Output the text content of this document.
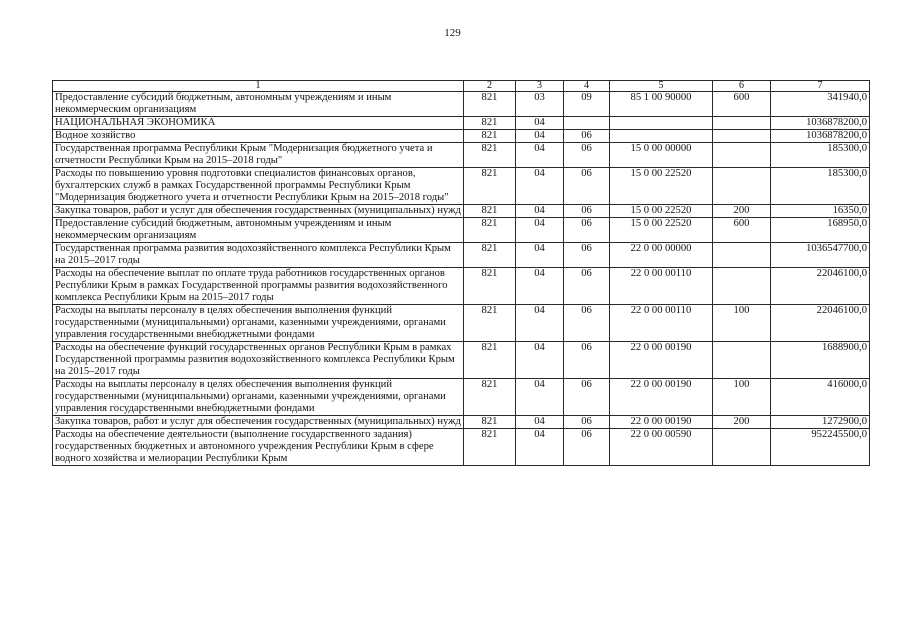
129
1	2	3	4	5	6	7
Предоставление субсидий бюджетным, автономным учреждениям и иным некоммерческим организациям	821	03	09	85 1 00 90000	600	341940,0
НАЦИОНАЛЬНАЯ ЭКОНОМИКА	821	04				1036878200,0
Водное хозяйство	821	04	06			1036878200,0
Государственная программа Республики Крым "Модернизация бюджетного учета и отчетности Республики Крым на 2015–2018 годы"	821	04	06	15 0 00 00000		185300,0
Расходы по повышению уровня подготовки специалистов финансовых органов, бухгалтерских служб в рамках Государственной программы Республики Крым "Модернизация бюджетного учета и отчетности Республики Крым на 2015–2018 годы"	821	04	06	15 0 00 22520		185300,0
Закупка товаров, работ и услуг для обеспечения государственных (муниципальных) нужд	821	04	06	15 0 00 22520	200	16350,0
Предоставление субсидий бюджетным, автономным учреждениям и иным некоммерческим организациям	821	04	06	15 0 00 22520	600	168950,0
Государственная программа развития водохозяйственного комплекса Республики Крым на 2015–2017 годы	821	04	06	22 0 00 00000		1036547700,0
Расходы на обеспечение выплат по оплате труда работников государственных органов Республики Крым в рамках Государственной программы развития водохозяйственного комплекса Республики Крым на 2015–2017 годы	821	04	06	22 0 00 00110		22046100,0
Расходы на выплаты персоналу в целях обеспечения выполнения функций государственными (муниципальными) органами, казенными учреждениями, органами управления государственными внебюджетными фондами	821	04	06	22 0 00 00110	100	22046100,0
Расходы на обеспечение функций государственных органов Республики Крым в рамках Государственной программы развития водохозяйственного комплекса Республики Крым на 2015–2017 годы	821	04	06	22 0 00 00190		1688900,0
Расходы на выплаты персоналу в целях обеспечения выполнения функций государственными (муниципальными) органами, казенными учреждениями, органами управления государственными внебюджетными фондами	821	04	06	22 0 00 00190	100	416000,0
Закупка товаров, работ и услуг для обеспечения государственных (муниципальных) нужд	821	04	06	22 0 00 00190	200	1272900,0
Расходы на обеспечение деятельности (выполнение государственного задания) государственных бюджетных и автономного учреждения Республики Крым в сфере водного хозяйства и мелиорации Республики Крым	821	04	06	22 0 00 00590		952245500,0
